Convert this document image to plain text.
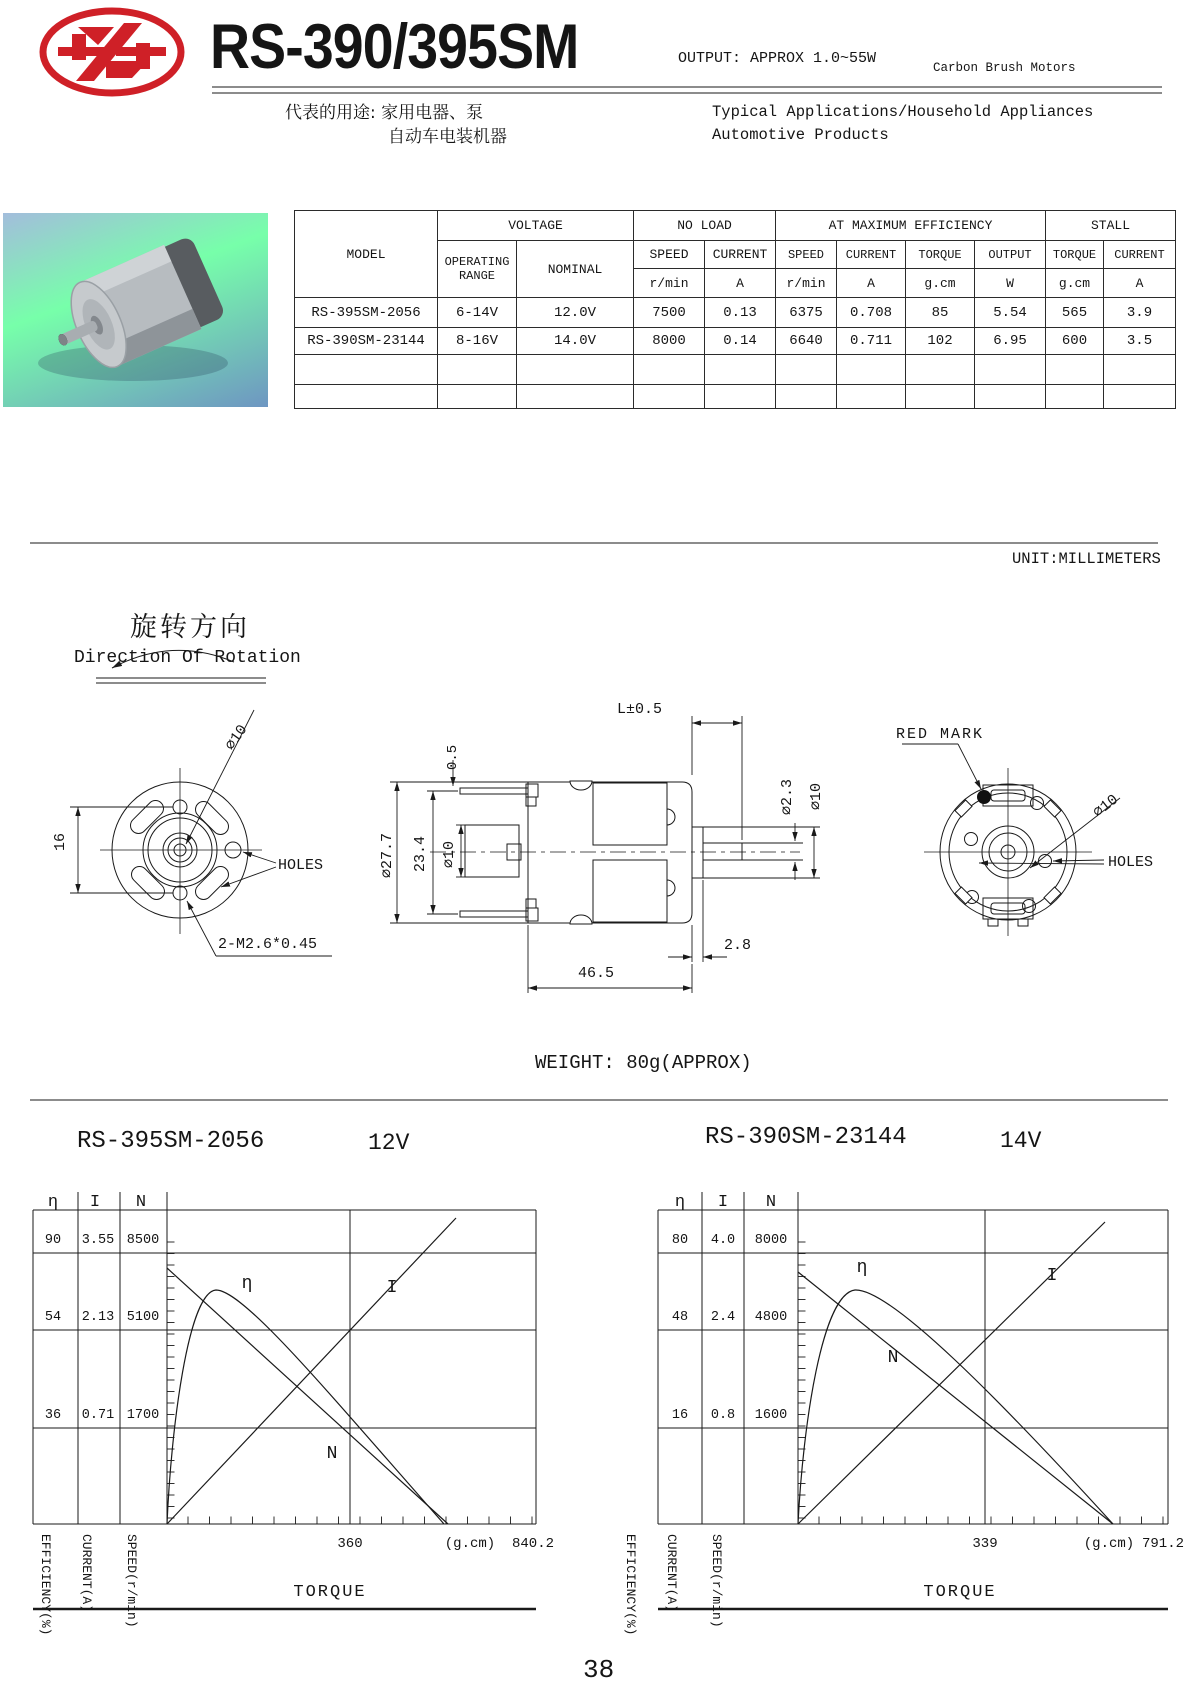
RS-390/395SM	OUTPUT: APPROX 1.0~55W
Carbon Brush Motors
代表的用途: 家用电器、泵
自动车电装机器
Typical Applications/Household Appliances
Automotive Products
MODEL	VOLTAGE		NO LOAD		AT MAXIMUM EFFICIENCY				STALL	
	OPERATING RANGE	NOMINAL	SPEED	CURRENT	SPEED	CURRENT	TORQUE	OUTPUT	TORQUE	CURRENT
			r/min	A	r/min	A	g.cm	W	g.cm	A
RS-395SM-2056	6-14V	12.0V	7500	0.13	6375	0.708	85	5.54	565	3.9
RS-390SM-23144	8-16V	14.0V	8000	0.14	6640	0.711	102	6.95	600	3.5

UNIT:MILLIMETERS
旋转方向
Direction Of Rotation
WEIGHT: 80g(APPROX)
16
⌀10
HOLES
2-M2.6*0.45
0.5
⌀27.7 23.4 ⌀10
L±0.5
⌀2.3 ⌀10
2.8
46.5
RED MARK
⌀10
HOLES
RS-395SM-2056	12V	RS-390SM-23144	14V
38
η I N
90 3.55 8500
54 2.13 5100
36 0.71 1700
360	(g.cm) 840.2
η	I
N
TORQUE
EFFICIENCY(%) CURRENT(A) SPEED(r/min)
η I N
80 4.0 8000
48 2.4 4800
16 0.8 1600
339	(g.cm) 791.2
η	I
N
TORQUE
EFFICIENCY(%) CURRENT(A) SPEED(r/min)
